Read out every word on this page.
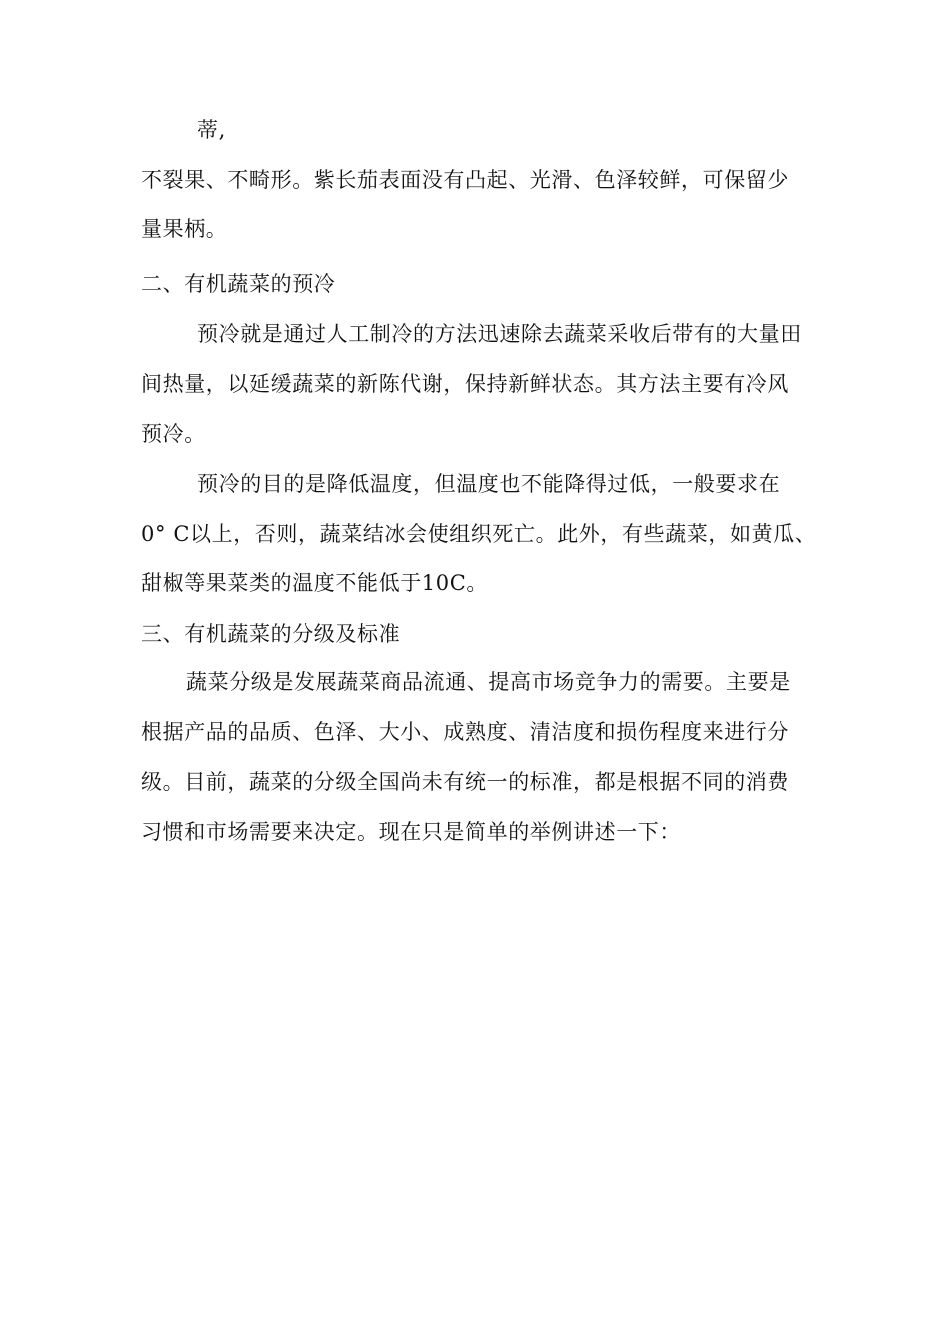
蒂,
不裂果、不畸形。紫长茄表面没有凸起、光滑、色泽较鲜，可保留少
量果柄。
二、有机蔬菜的预冷
预冷就是通过人工制冷的方法迅速除去蔬菜采收后带有的大量田
间热量，以延缓蔬菜的新陈代谢，保持新鲜状态。其方法主要有冷风
预冷。
预冷的目的是降低温度，但温度也不能降得过低，一般要求在
0° C以上，否则，蔬菜结冰会使组织死亡。此外，有些蔬菜，如黄瓜、
甜椒等果菜类的温度不能低于10C。
三、有机蔬菜的分级及标准
蔬菜分级是发展蔬菜商品流通、提高市场竞争力的需要。主要是
根据产品的品质、色泽、大小、成熟度、清洁度和损伤程度来进行分
级。目前，蔬菜的分级全国尚未有统一的标准，都是根据不同的消费
习惯和市场需要来决定。现在只是简单的举例讲述一下：
